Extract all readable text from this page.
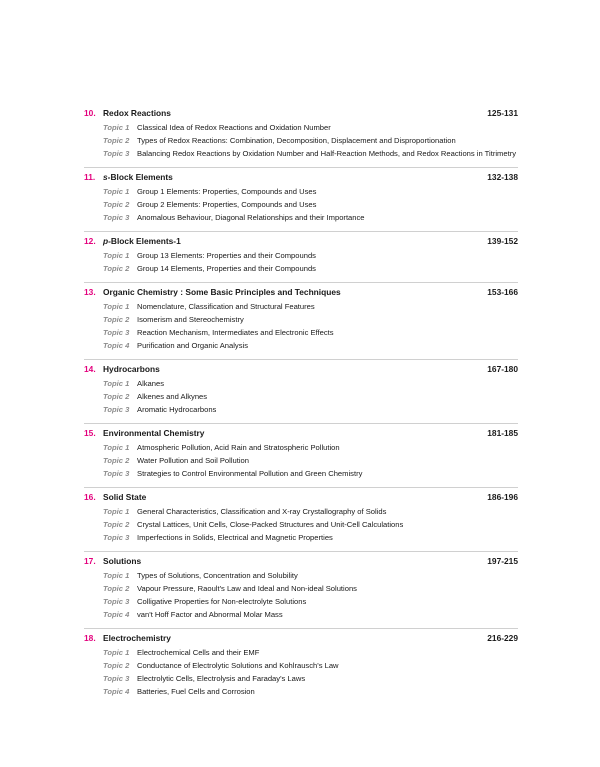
10. Redox Reactions	125-131
Topic 1	Classical Idea of Redox Reactions and Oxidation Number
Topic 2	Types of Redox Reactions: Combination, Decomposition, Displacement and Disproportionation
Topic 3	Balancing Redox Reactions by Oxidation Number and Half-Reaction Methods, and Redox Reactions in Titrimetry
11. s-Block Elements	132-138
Topic 1	Group 1 Elements: Properties, Compounds and Uses
Topic 2	Group 2 Elements: Properties, Compounds and Uses
Topic 3	Anomalous Behaviour, Diagonal Relationships and their Importance
12. p-Block Elements-1	139-152
Topic 1	Group 13 Elements: Properties and their Compounds
Topic 2	Group 14 Elements, Properties and their Compounds
13. Organic Chemistry : Some Basic Principles and Techniques	153-166
Topic 1	Nomenclature, Classification and Structural Features
Topic 2	Isomerism and Stereochemistry
Topic 3	Reaction Mechanism, Intermediates and Electronic Effects
Topic 4	Purification and Organic Analysis
14. Hydrocarbons	167-180
Topic 1	Alkanes
Topic 2	Alkenes and Alkynes
Topic 3	Aromatic Hydrocarbons
15. Environmental Chemistry	181-185
Topic 1	Atmospheric Pollution, Acid Rain and Stratospheric Pollution
Topic 2	Water Pollution and Soil Pollution
Topic 3	Strategies to Control Environmental Pollution and Green Chemistry
16. Solid State	186-196
Topic 1	General Characteristics, Classification and X-ray Crystallography of Solids
Topic 2	Crystal Lattices, Unit Cells, Close-Packed Structures and Unit-Cell Calculations
Topic 3	Imperfections in Solids, Electrical and Magnetic Properties
17. Solutions	197-215
Topic 1	Types of Solutions, Concentration and Solubility
Topic 2	Vapour Pressure, Raoult's Law and Ideal and Non-ideal Solutions
Topic 3	Colligative Properties for Non-electrolyte Solutions
Topic 4	van't Hoff Factor and Abnormal Molar Mass
18. Electrochemistry	216-229
Topic 1	Electrochemical Cells and their EMF
Topic 2	Conductance of Electrolytic Solutions and Kohlrausch's Law
Topic 3	Electrolytic Cells, Electrolysis and Faraday's Laws
Topic 4	Batteries, Fuel Cells and Corrosion
